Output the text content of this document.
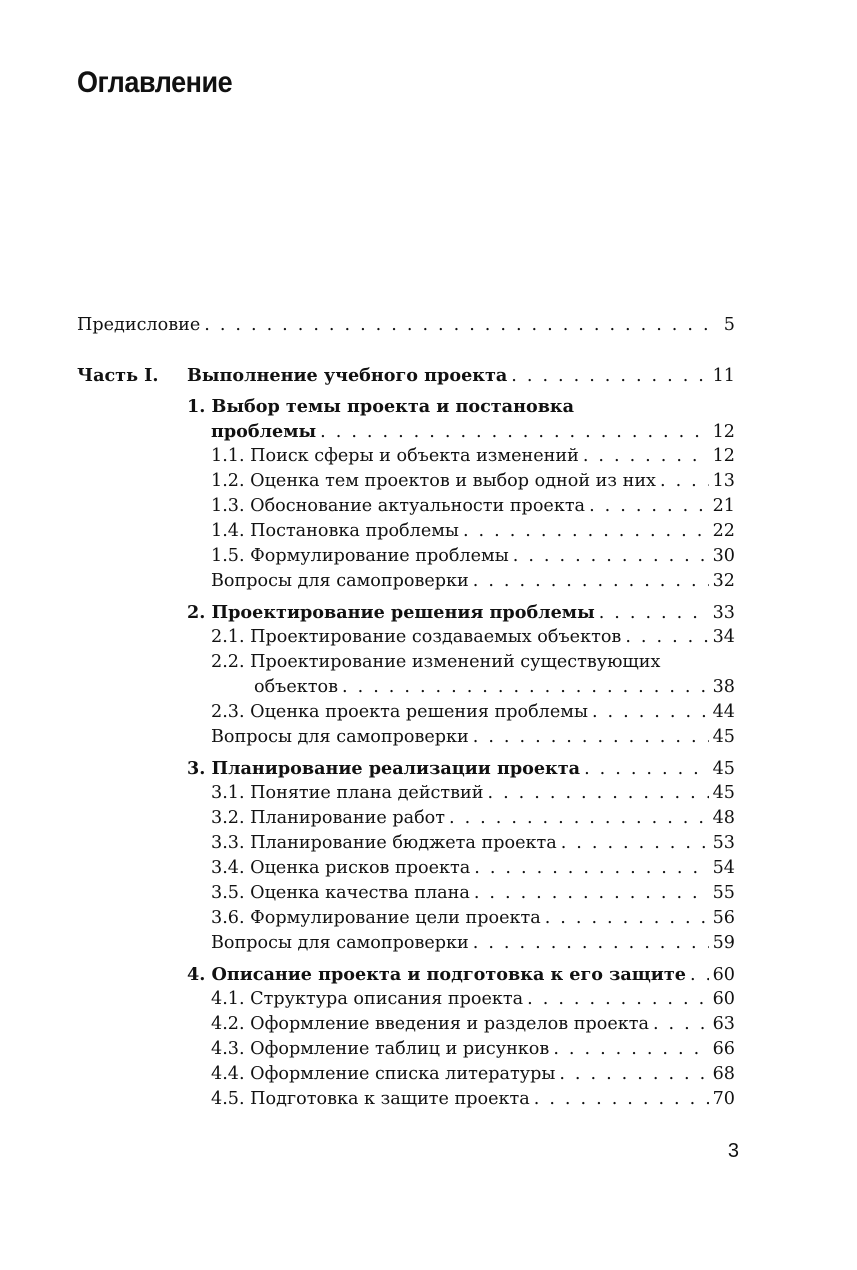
Оглавление
Предисловие . . .	5
Часть I. Выполнение учебного проекта . . .	11
1. Выбор темы проекта и постановка
проблемы . . .	12
1.1. Поиск сферы и объекта изменений . . .	12
1.2. Оценка тем проектов и выбор одной из них . . .	13
1.3. Обоснование актуальности проекта . . .	21
1.4. Постановка проблемы . . .	22
1.5. Формулирование проблемы . . .	30
Вопросы для самопроверки . . .	32
2. Проектирование решения проблемы . . .	33
2.1. Проектирование создаваемых объектов . . .	34
2.2. Проектирование изменений существующих
объектов . . .	38
2.3. Оценка проекта решения проблемы . . .	44
Вопросы для самопроверки . . .	45
3. Планирование реализации проекта . . .	45
3.1. Понятие плана действий . . .	45
3.2. Планирование работ . . .	48
3.3. Планирование бюджета проекта . . .	53
3.4. Оценка рисков проекта . . .	54
3.5. Оценка качества плана . . .	55
3.6. Формулирование цели проекта . . .	56
Вопросы для самопроверки . . .	59
4. Описание проекта и подготовка к его защите . . . 60
4.1. Структура описания проекта . . .	60
4.2. Оформление введения и разделов проекта . . .	63
4.3. Оформление таблиц и рисунков . . .	66
4.4. Оформление списка литературы . . .	68
4.5. Подготовка к защите проекта . . .	70
3
